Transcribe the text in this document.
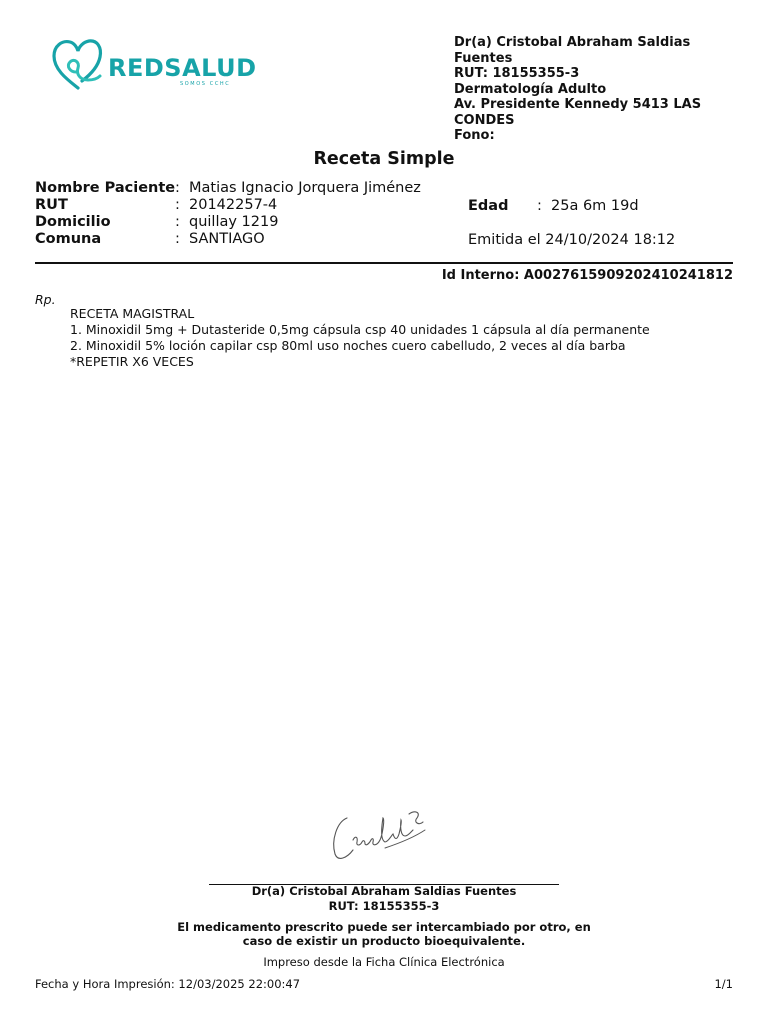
REDSALUD
SOMOS CCHC
Dr(a) Cristobal Abraham Saldias
Fuentes
RUT: 18155355-3
Dermatología Adulto
Av. Presidente Kennedy 5413 LAS
CONDES
Fono:
Receta Simple
Nombre Paciente : Matias Ignacio Jorquera Jiménez
RUT	: 20142257-4
Domicilio	: quillay 1219
Comuna	: SANTIAGO
Edad : 25a 6m 19d
Emitida el 24/10/2024 18:12
Id Interno: A0027615909202410241812
Rp.
RECETA MAGISTRAL
1. Minoxidil 5mg + Dutasteride 0,5mg cápsula csp 40 unidades 1 cápsula al día permanente
2. Minoxidil 5% loción capilar csp 80ml uso noches cuero cabelludo, 2 veces al día barba
*REPETIR X6 VECES
Dr(a) Cristobal Abraham Saldias Fuentes
RUT: 18155355-3
El medicamento prescrito puede ser intercambiado por otro, en
caso de existir un producto bioequivalente.
Impreso desde la Ficha Clínica Electrónica
Fecha y Hora Impresión: 12/03/2025 22:00:47	1/1
